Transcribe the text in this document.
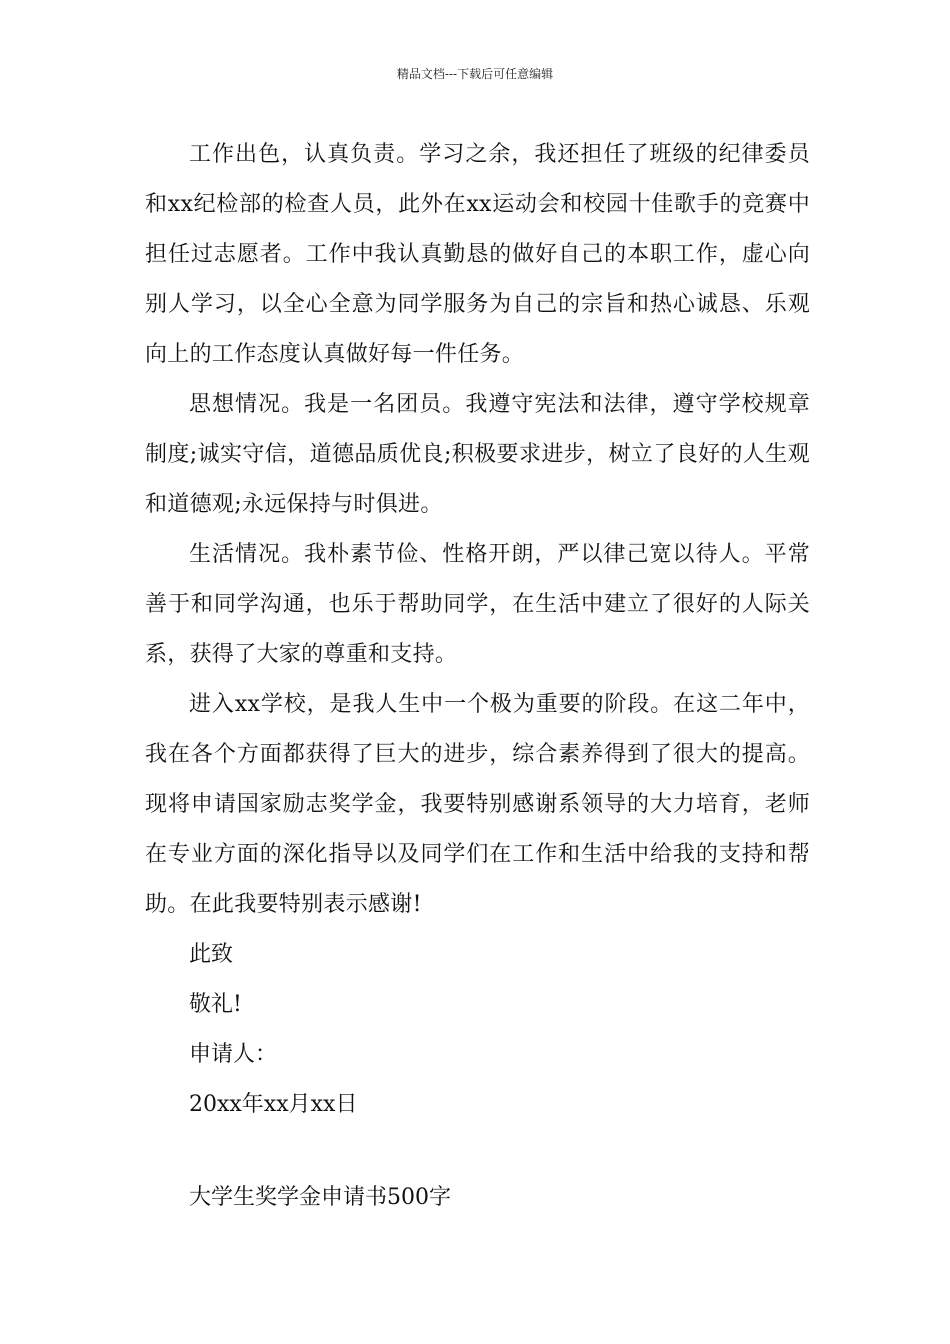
精品文档---下载后可任意编辑

工作出色，认真负责。学习之余，我还担任了班级的纪律委员和xx纪检部的检查人员，此外在xx运动会和校园十佳歌手的竞赛中担任过志愿者。工作中我认真勤恳的做好自己的本职工作，虚心向别人学习，以全心全意为同学服务为自己的宗旨和热心诚恳、乐观向上的工作态度认真做好每一件任务。

思想情况。我是一名团员。我遵守宪法和法律，遵守学校规章制度;诚实守信，道德品质优良;积极要求进步，树立了良好的人生观和道德观;永远保持与时俱进。

生活情况。我朴素节俭、性格开朗，严以律己宽以待人。平常善于和同学沟通，也乐于帮助同学，在生活中建立了很好的人际关系，获得了大家的尊重和支持。

进入xx学校，是我人生中一个极为重要的阶段。在这二年中，我在各个方面都获得了巨大的进步，综合素养得到了很大的提高。现将申请国家励志奖学金，我要特别感谢系领导的大力培育，老师在专业方面的深化指导以及同学们在工作和生活中给我的支持和帮助。在此我要特别表示感谢!

此致

敬礼!

申请人：

20xx年xx月xx日

大学生奖学金申请书500字
